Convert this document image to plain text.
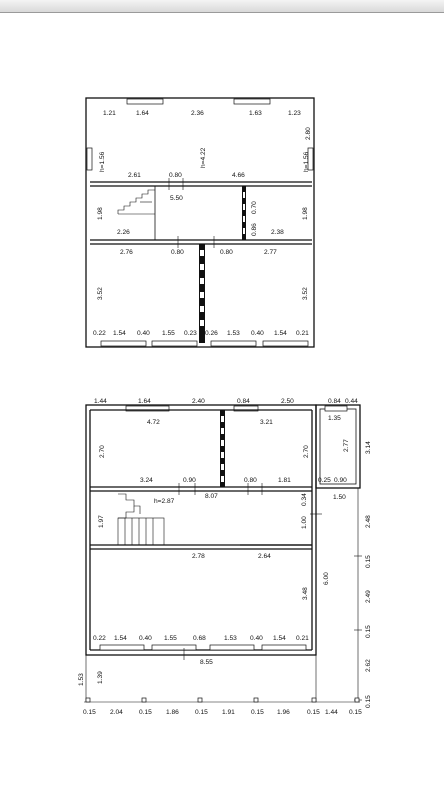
1.21	1.64	2.36	1.63	1.23
2.80
h=1.56	h=1.56
h=4.22
2.61	0.80	4.66
5.50
1.98
2.26
1.98
2.38
0.70
0.86
2.76	0.80	0.80	2.77
3.52	3.52
0.22 1.54 0.40 1.55 0.23 0.26 1.53 0.40 1.54 0.21
1.44	1.64	2.40	0.84	2.50	0.84 0.44
4.72
2.70
3.24	0.90
3.21
2.70
0.80	1.81
1.35
2.77
0.25 0.90
3.14
8.07
h=2.87
1.97	1.00
0.34	1.50
2.48
2.78	2.64
3.48
6.00
0.15
2.49
0.15
2.62
0.15
0.22 1.54 0.40 1.55 0.68	1.53 0.40 1.54 0.21
8.55
1.53 1.39
0.15 2.04 0.15 1.86 0.15 1.91 0.15 1.96	0.15 1.44 0.15
